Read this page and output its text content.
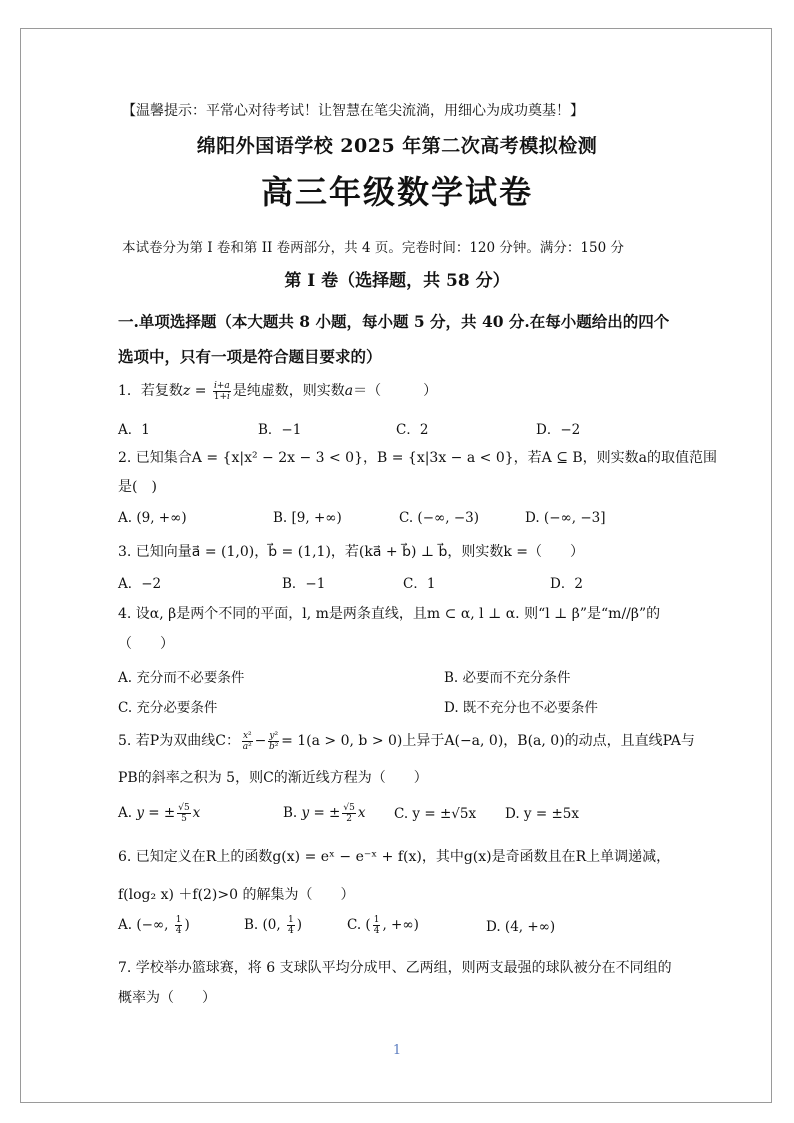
【温馨提示：平常心对待考试！让智慧在笔尖流淌，用细心为成功奠基！】
绵阳外国语学校 2025 年第二次高考模拟检测
高三年级数学试卷
本试卷分为第 I 卷和第 II 卷两部分，共 4 页。完卷时间：120 分钟。满分：150 分
第 I 卷（选择题，共 58 分）
一.单项选择题（本大题共 8 小题，每小题 5 分，共 40 分.在每小题给出的四个
选项中，只有一项是符合题目要求的）
1．若复数$z = \frac{i+a}{1+i}$ 是纯虚数，则实数a＝（　　　）
A．1	B．−1	C．2	D．−2
2. 已知集合A = {x|x² − 2x − 3 < 0}，B = {x|3x − a < 0}，若A ⊆ B，则实数a的取值范围
是(　)
A. (9, +∞)	B. [9, +∞)	C. (−∞, −3)	D. (−∞, −3]
3. 已知向量a⃗ = (1,0)，b⃗ = (1,1)，若(ka⃗ + b⃗) ⊥ b⃗，则实数k =（　　）
A．−2	B．−1	C．1	D．2
4. 设α, β是两个不同的平面，l, m是两条直线，且m ⊂ α, l ⊥ α. 则“l ⊥ β”是“m//β”的
（　　）
A. 充分而不必要条件	B. 必要而不充分条件
C. 充分必要条件	D. 既不充分也不必要条件
5. 若P为双曲线C： $\frac{\text{x²}}{\text{a²}} - \frac{\text{y²}}{\text{b²}} = 1(a > 0$, b > 0)上异于A(−a, 0)，B(a, 0)的动点，且直线PA与
PB的斜率之积为 5，则C的渐近线方程为（　　）
A. y = ± $\frac{√5}{5}$ x	B. y = ± $\frac{√5}{2}$ x C. y = ±√5x D. y = ±5x
6. 已知定义在R上的函数g(x) = eˣ − e⁻ˣ + f(x)，其中g(x)是奇函数且在R上单调递减，
f(log₂ x) ＋f(2)>0 的解集为（　　）
A. (−∞, $\frac{1}{4}$ )	B. (0, $\frac{1}{4}$ )	C. ( $\frac{1}{4}$ , +∞)	D. (4, +∞)
7. 学校举办篮球赛，将 6 支球队平均分成甲、乙两组，则两支最强的球队被分在不同组的
概率为（　　）
1
